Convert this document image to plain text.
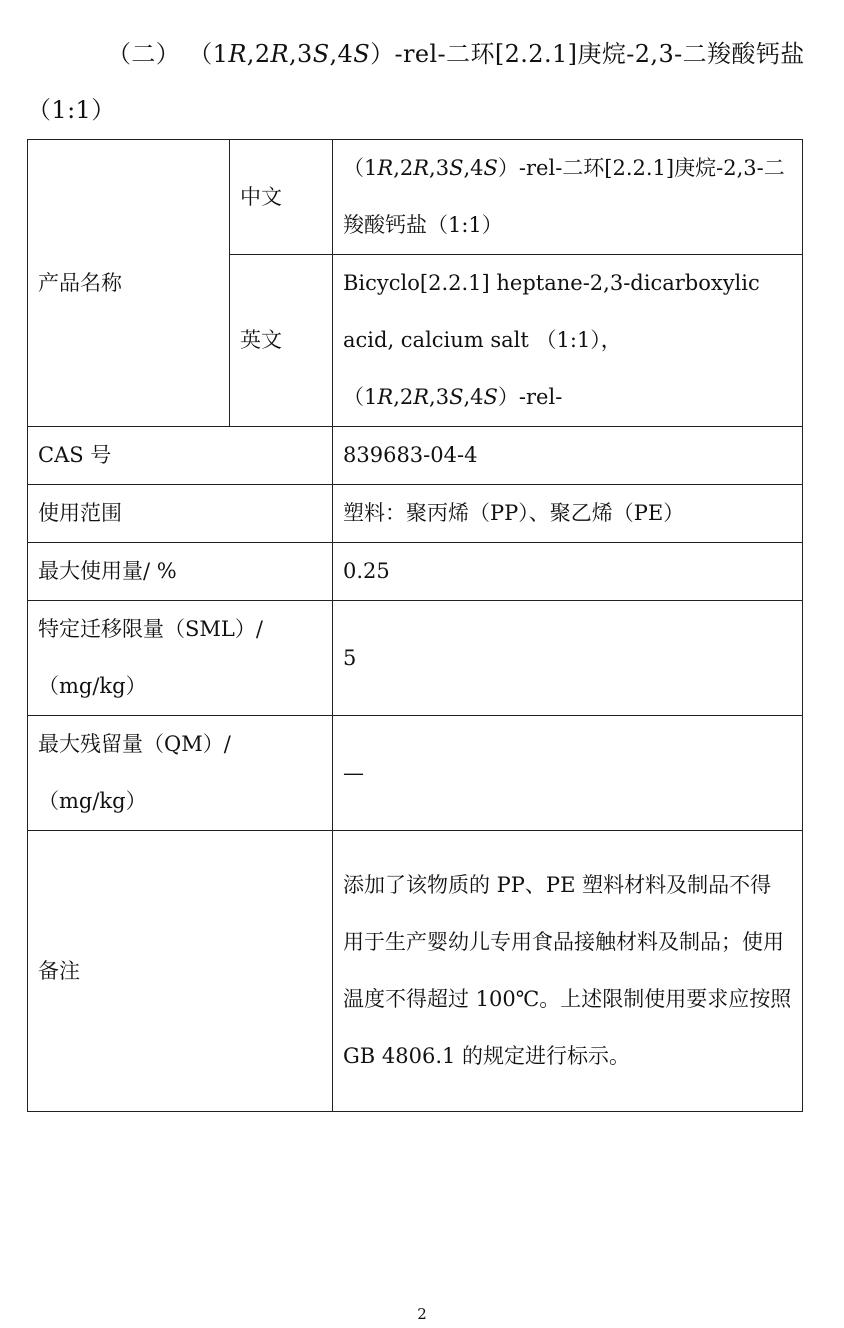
（二） （1R,2R,3S,4S）-rel-二环[2.2.1]庚烷-2,3-二羧酸钙盐（1:1）
产品名称	中文	（1R,2R,3S,4S）-rel-二环[2.2.1]庚烷-2,3-二羧酸钙盐（1:1）
	英文	Bicyclo[2.2.1] heptane-2,3-dicarboxylic acid, calcium salt （1:1），（1R,2R,3S,4S）-rel-
CAS 号		839683-04-4
使用范围		塑料：聚丙烯（PP）、聚乙烯（PE）
最大使用量/ %		0.25
特定迁移限量（SML）/（mg/kg）		5
最大残留量（QM）/（mg/kg）		—
备注		添加了该物质的 PP、PE 塑料材料及制品不得用于生产婴幼儿专用食品接触材料及制品；使用温度不得超过 100℃。上述限制使用要求应按照 GB 4806.1 的规定进行标示。
2
